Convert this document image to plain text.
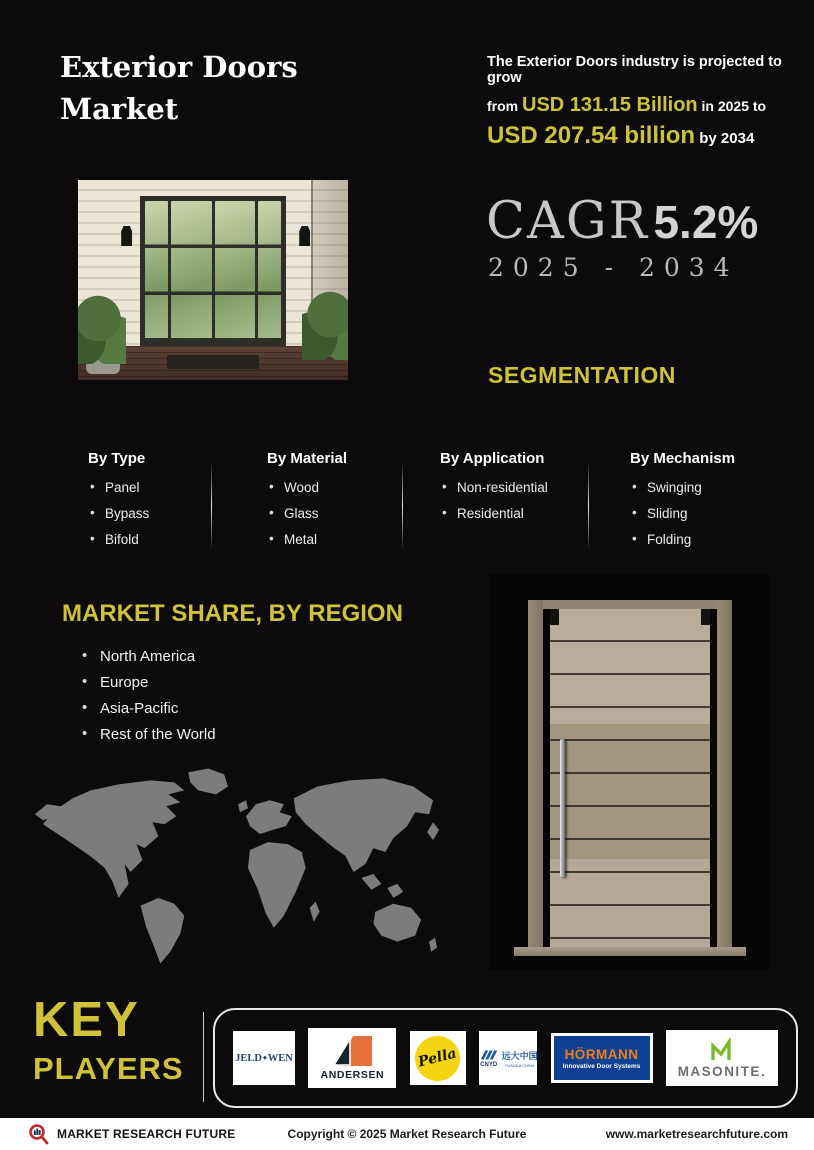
Exterior Doors
Market
The Exterior Doors industry is projected to grow
from USD 131.15 Billion in 2025 to
USD 207.54 billion by 2034
CAGR 5.2%
2025 - 2034
SEGMENTATION
By Type
• Panel
• Bypass
• Bifold
By Material
• Wood
• Glass
• Metal
By Application
• Non-residential
• Residential
By Mechanism
• Swinging
• Sliding
• Folding
MARKET SHARE, BY REGION
• North America
• Europe
• Asia-Pacific
• Rest of the World
KEY
PLAYERS	JELD◆WEN
ANDERSEN
Pella	CNYD
远大中国
YUANDA CHINA
HÖRMANN
Innovative Door Systems	MASONITE.
MARKET RESEARCH FUTURE	Copyright © 2025 Market Research Future	www.marketresearchfuture.com
